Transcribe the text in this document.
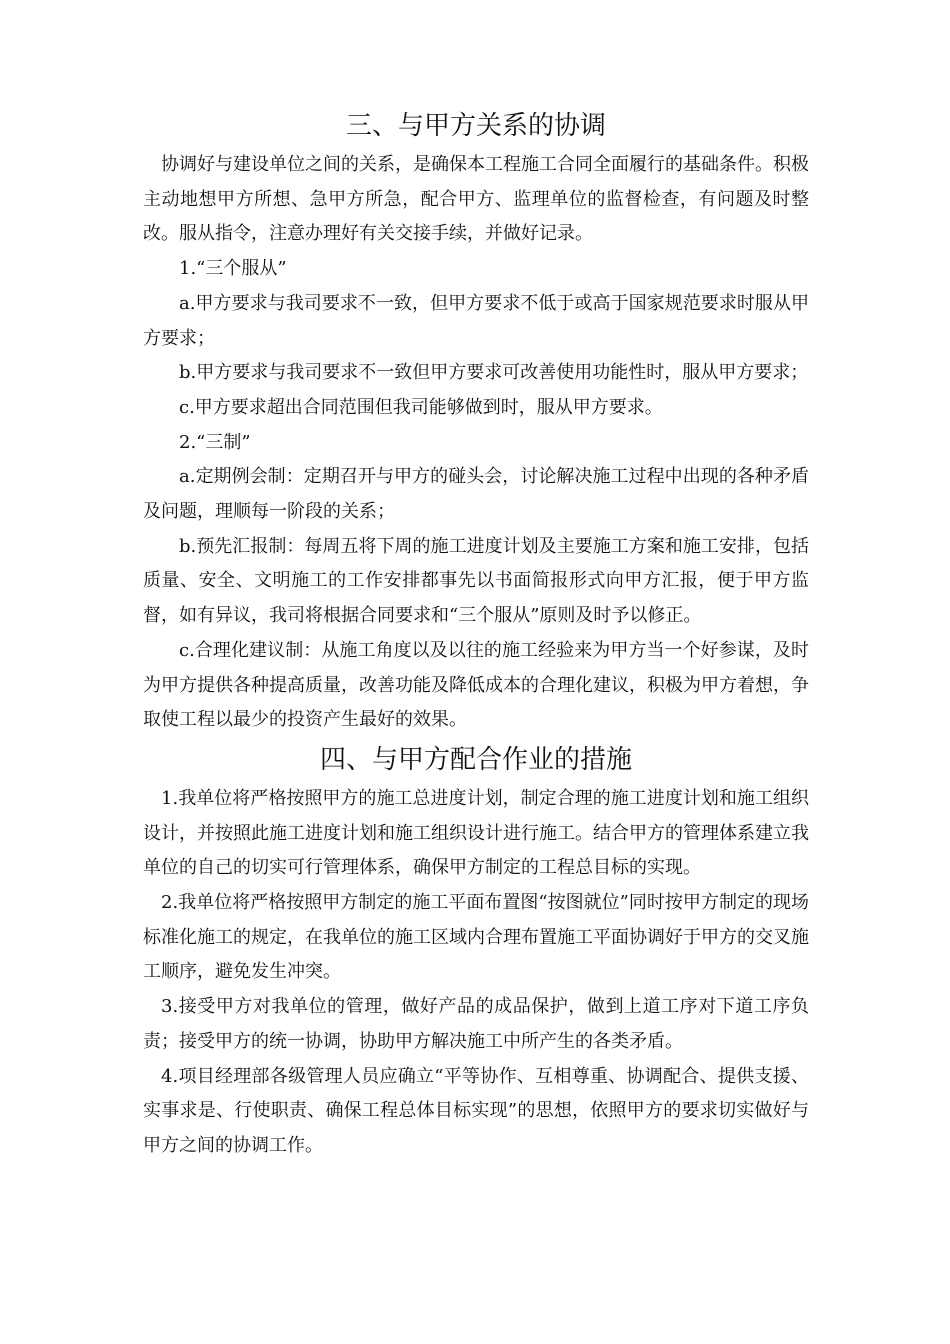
三、与甲方关系的协调

协调好与建设单位之间的关系，是确保本工程施工合同全面履行的基础条件。积极主动地想甲方所想、急甲方所急，配合甲方、监理单位的监督检查，有问题及时整改。服从指令，注意办理好有关交接手续，并做好记录。

1.“三个服从”

a.甲方要求与我司要求不一致，但甲方要求不低于或高于国家规范要求时服从甲方要求；

b.甲方要求与我司要求不一致但甲方要求可改善使用功能性时，服从甲方要求；

c.甲方要求超出合同范围但我司能够做到时，服从甲方要求。

2.“三制”

a.定期例会制：定期召开与甲方的碰头会，讨论解决施工过程中出现的各种矛盾及问题，理顺每一阶段的关系；

b.预先汇报制：每周五将下周的施工进度计划及主要施工方案和施工安排，包括质量、安全、文明施工的工作安排都事先以书面简报形式向甲方汇报，便于甲方监督，如有异议，我司将根据合同要求和“三个服从”原则及时予以修正。

c.合理化建议制：从施工角度以及以往的施工经验来为甲方当一个好参谋，及时为甲方提供各种提高质量，改善功能及降低成本的合理化建议，积极为甲方着想，争取使工程以最少的投资产生最好的效果。

四、与甲方配合作业的措施

1.我单位将严格按照甲方的施工总进度计划，制定合理的施工进度计划和施工组织设计，并按照此施工进度计划和施工组织设计进行施工。结合甲方的管理体系建立我单位的自己的切实可行管理体系，确保甲方制定的工程总目标的实现。

2.我单位将严格按照甲方制定的施工平面布置图“按图就位”同时按甲方制定的现场标准化施工的规定，在我单位的施工区域内合理布置施工平面协调好于甲方的交叉施工顺序，避免发生冲突。

3.接受甲方对我单位的管理，做好产品的成品保护，做到上道工序对下道工序负责；接受甲方的统一协调，协助甲方解决施工中所产生的各类矛盾。

4.项目经理部各级管理人员应确立“平等协作、互相尊重、协调配合、提供支援、实事求是、行使职责、确保工程总体目标实现”的思想，依照甲方的要求切实做好与甲方之间的协调工作。
